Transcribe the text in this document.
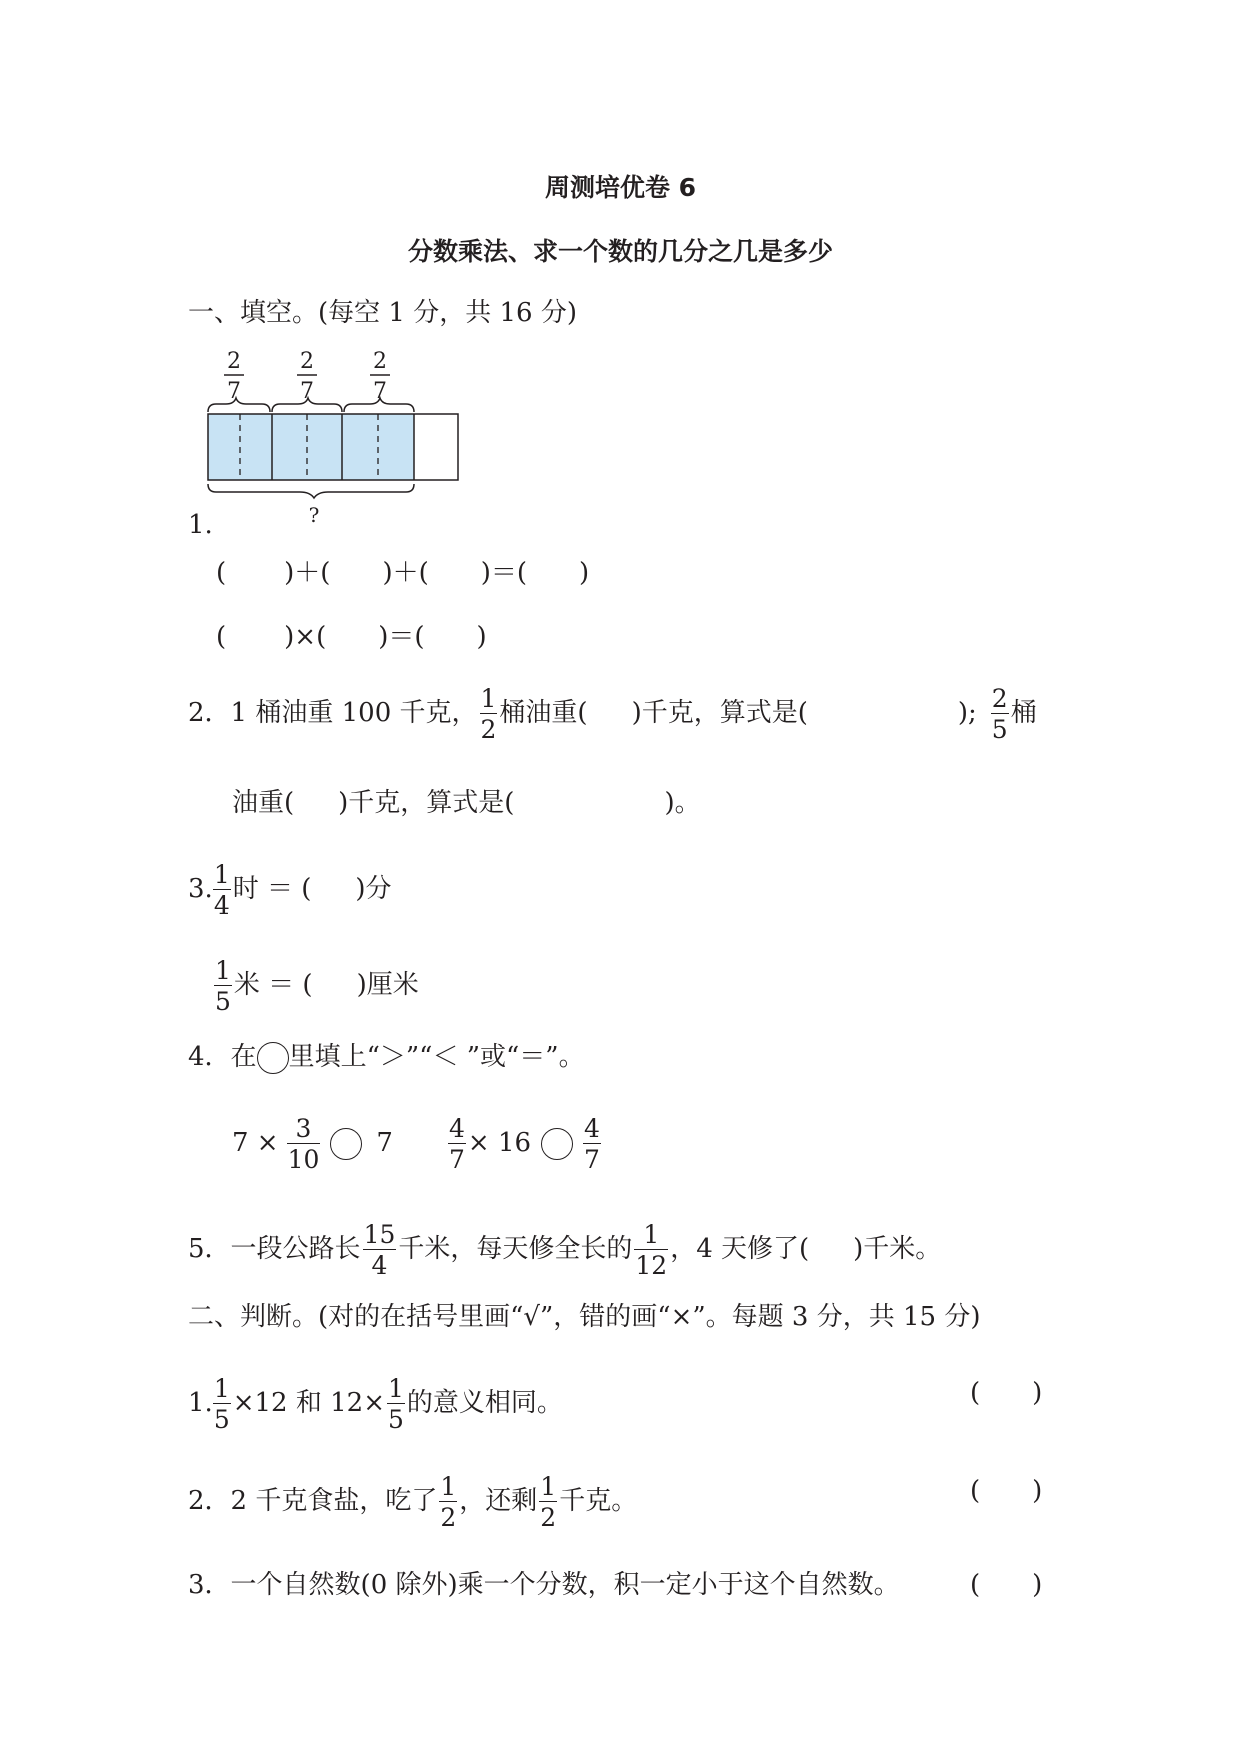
周测培优卷 6
分数乘法、求一个数的几分之几是多少
一、填空。(每空 1 分，共 16 分)
2
7
2
7
2
7
?
1.
( )＋( )＋( )＝( )
( )×( )＝( )
2．1 桶油重 100 千克， $\frac{1}{2}$ 桶油重( )千克，算式是(	); $\frac{2}{5}$ 桶
油重( )千克，算式是(	)。
3. $\frac{1}{4}$ 时 ＝ ( )分
$\frac{1}{5}$ 米 ＝ ( )厘米
4．在 里填上“＞”“＜ ”或“＝”。
$7 \times \frac{3}{10} 7 \frac{4}{7} \times 16 \frac{4}{7}$
5．一段公路长 $\frac{15}{4}$ 千米，每天修全长的 $\frac{1}{12}$ ，4 天修了( )千米。
二、判断。(对的在括号里画“√”，错的画“×”。每题 3 分，共 15 分)
1. $\frac{1}{5} \times 12$ 和 $12\times \frac{1}{5}$ 的意义相同。	(　　)
2．2 千克食盐，吃了 $\frac{1}{2}$ ，还剩 $\frac{1}{2}$ 千克。	(　　)
3．一个自然数(0 除外)乘一个分数，积一定小于这个自然数。	(　　)
